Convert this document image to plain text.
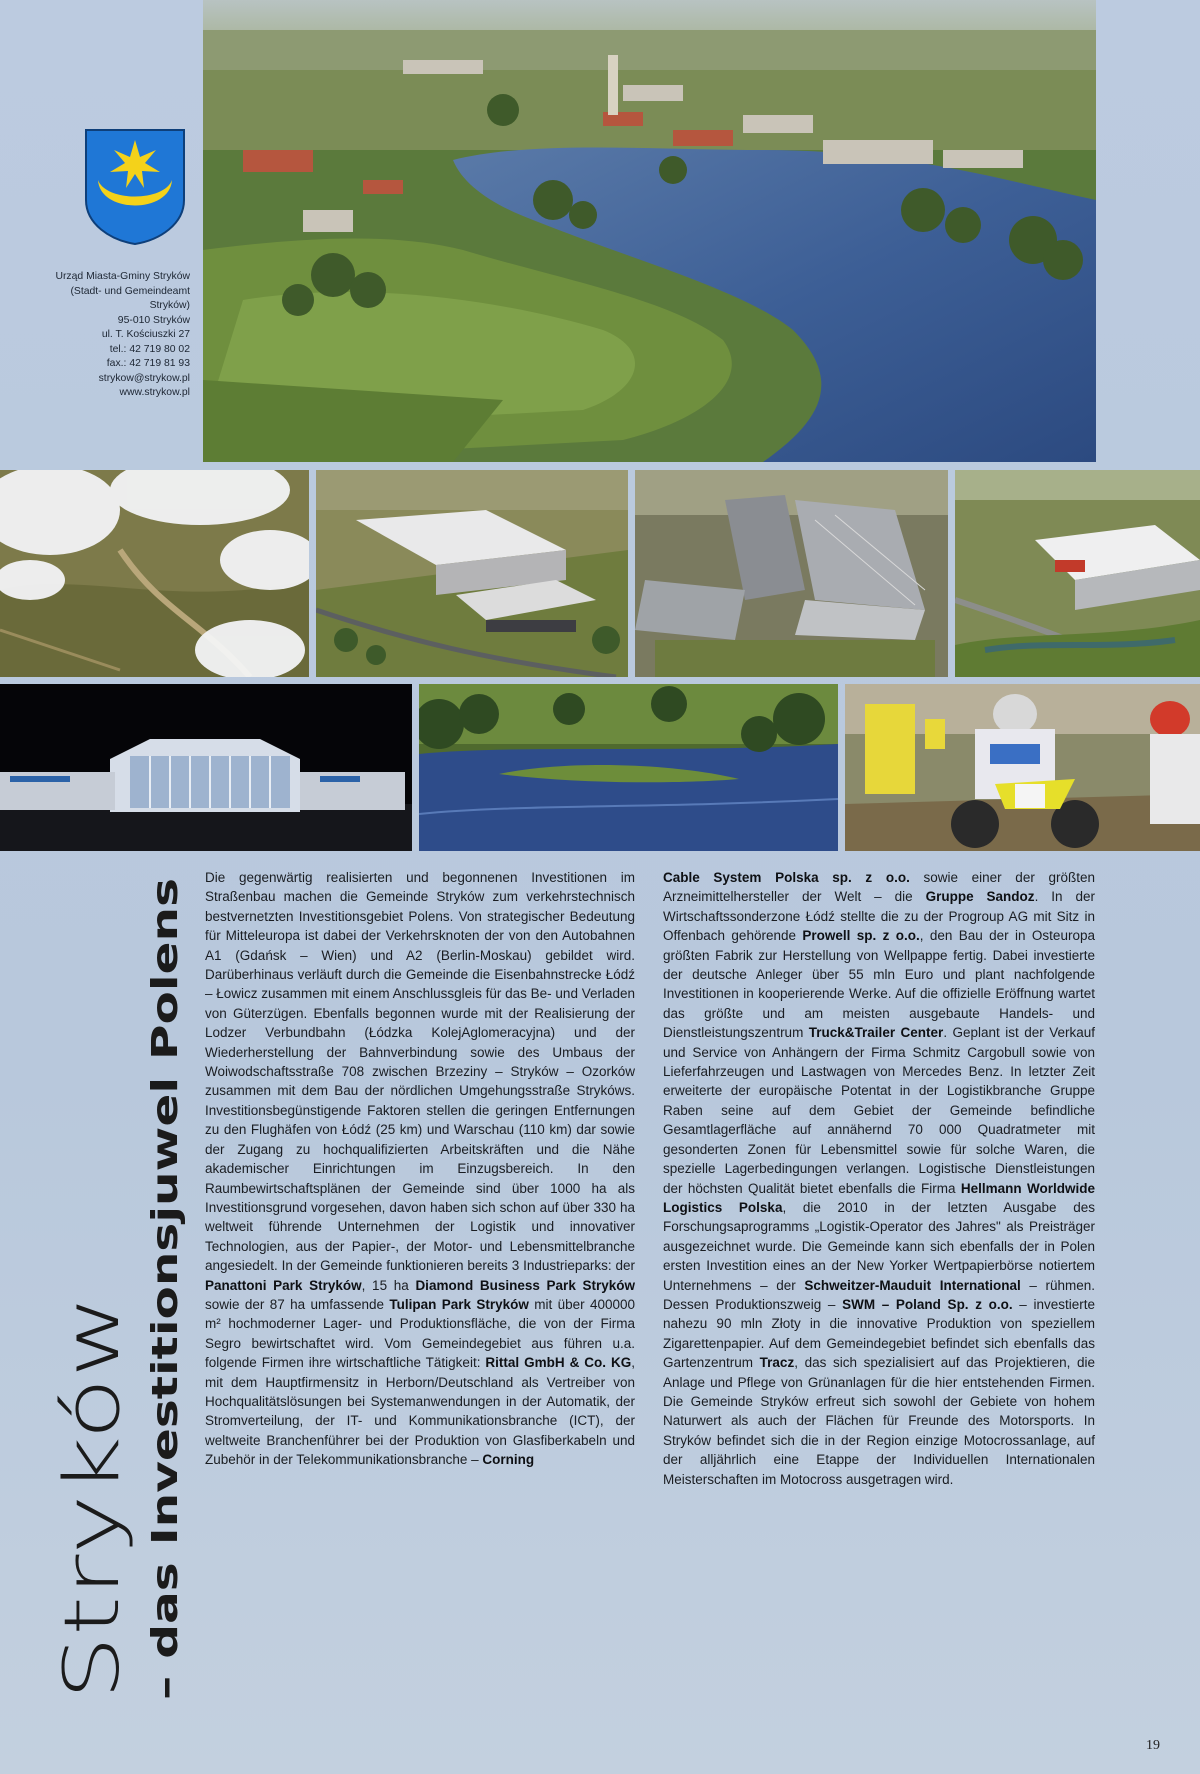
Urząd Miasta-Gminy Stryków
(Stadt- und Gemeindeamt
Stryków)
95-010 Stryków
ul. T. Kościuszki 27
tel.: 42 719 80 02
fax.: 42 719 81 93
strykow@strykow.pl
www.strykow.pl
Stryków – das Investitionsjuwel Polens

Die gegenwärtig realisierten und begonnenen Investitionen im Straßenbau machen die Gemeinde Stryków zum verkehrstechnisch bestvernetzten Investitionsgebiet Polens. Von strategischer Bedeutung für Mitteleuropa ist dabei der Verkehrsknoten der von den Autobahnen A1 (Gdańsk – Wien) und A2 (Berlin-Moskau) gebildet wird. Darüberhinaus verläuft durch die Gemeinde die Eisenbahnstrecke Łódź – Łowicz zusammen mit einem Anschlussgleis für das Be- und Verladen von Güterzügen. Ebenfalls begonnen wurde mit der Realisierung der Lodzer Verbundbahn (Łódzka KolejAglomeracyjna) und der Wiederherstellung der Bahnverbindung sowie des Umbaus der Woiwodschaftsstraße 708 zwischen Brzeziny – Stryków – Ozorków zusammen mit dem Bau der nördlichen Umgehungsstraße Strykóws. Investitionsbegünstigende Faktoren stellen die geringen Entfernungen zu den Flughäfen von Łódź (25 km) und Warschau (110 km) dar sowie der Zugang zu hochqualifizierten Arbeitskräften und die Nähe akademischer Einrichtungen im Einzugsbereich. In den Raumbewirtschaftsplänen der Gemeinde sind über 1000 ha als Investitionsgrund vorgesehen, davon haben sich schon auf über 330 ha weltweit führende Unternehmen der Logistik und innovativer Technologien, aus der Papier-, der Motor- und Lebensmittelbranche angesiedelt. In der Gemeinde funktionieren bereits 3 Industrieparks: der Panattoni Park Stryków, 15 ha Diamond Business Park Stryków sowie der 87 ha umfassende Tulipan Park Stryków mit über 400000 m² hochmoderner Lager- und Produktionsfläche, die von der Firma Segro bewirtschaftet wird. Vom Gemeindegebiet aus führen u.a. folgende Firmen ihre wirtschaftliche Tätigkeit: Rittal GmbH & Co. KG, mit dem Hauptfirmensitz in Herborn/Deutschland als Vertreiber von Hochqualitätslösungen bei Systemanwendungen in der Automatik, der Stromverteilung, der IT- und Kommunikationsbranche (ICT), der weltweite Branchenführer bei der Produktion von Glasfiberkabeln und Zubehör in der Telekommunikationsbranche – Corning

Cable System Polska sp. z o.o. sowie einer der größten Arzneimittelhersteller der Welt – die Gruppe Sandoz. In der Wirtschaftssonderzone Łódź stellte die zu der Progroup AG mit Sitz in Offenbach gehörende Prowell sp. z o.o., den Bau der in Osteuropa größten Fabrik zur Herstellung von Wellpappe fertig. Dabei investierte der deutsche Anleger über 55 mln Euro und plant nachfolgende Investitionen in kooperierende Werke. Auf die offizielle Eröffnung wartet das größte und am meisten ausgebaute Handels- und Dienstleistungszentrum Truck&Trailer Center. Geplant ist der Verkauf und Service von Anhängern der Firma Schmitz Cargobull sowie von Lieferfahrzeugen und Lastwagen von Mercedes Benz. In letzter Zeit erweiterte der europäische Potentat in der Logistikbranche Gruppe Raben seine auf dem Gebiet der Gemeinde befindliche Gesamtlagerfläche auf annähernd 70 000 Quadratmeter mit gesonderten Zonen für Lebensmittel sowie für solche Waren, die spezielle Lagerbedingungen verlangen. Logistische Dienstleistungen der höchsten Qualität bietet ebenfalls die Firma Hellmann Worldwide Logistics Polska, die 2010 in der letzten Ausgabe des Forschungsaprogramms „Logistik-Operator des Jahres" als Preisträger ausgezeichnet wurde. Die Gemeinde kann sich ebenfalls der in Polen ersten Investition eines an der New Yorker Wertpapierbörse notiertem Unternehmens – der Schweitzer-Mauduit International – rühmen. Dessen Produktionszweig – SWM – Poland Sp. z o.o. – investierte nahezu 90 mln Złoty in die innovative Produktion von speziellem Zigarettenpapier. Auf dem Gemeindegebiet befindet sich ebenfalls das Gartenzentrum Tracz, das sich spezialisiert auf das Projektieren, die Anlage und Pflege von Grünanlagen für die hier entstehenden Firmen. Die Gemeinde Stryków erfreut sich sowohl der Gebiete von hohem Naturwert als auch der Flächen für Freunde des Motorsports. In Stryków befindet sich die in der Region einzige Motocrossanlage, auf der alljährlich eine Etappe der Individuellen Internationalen Meisterschaften im Motocross ausgetragen wird.

19
